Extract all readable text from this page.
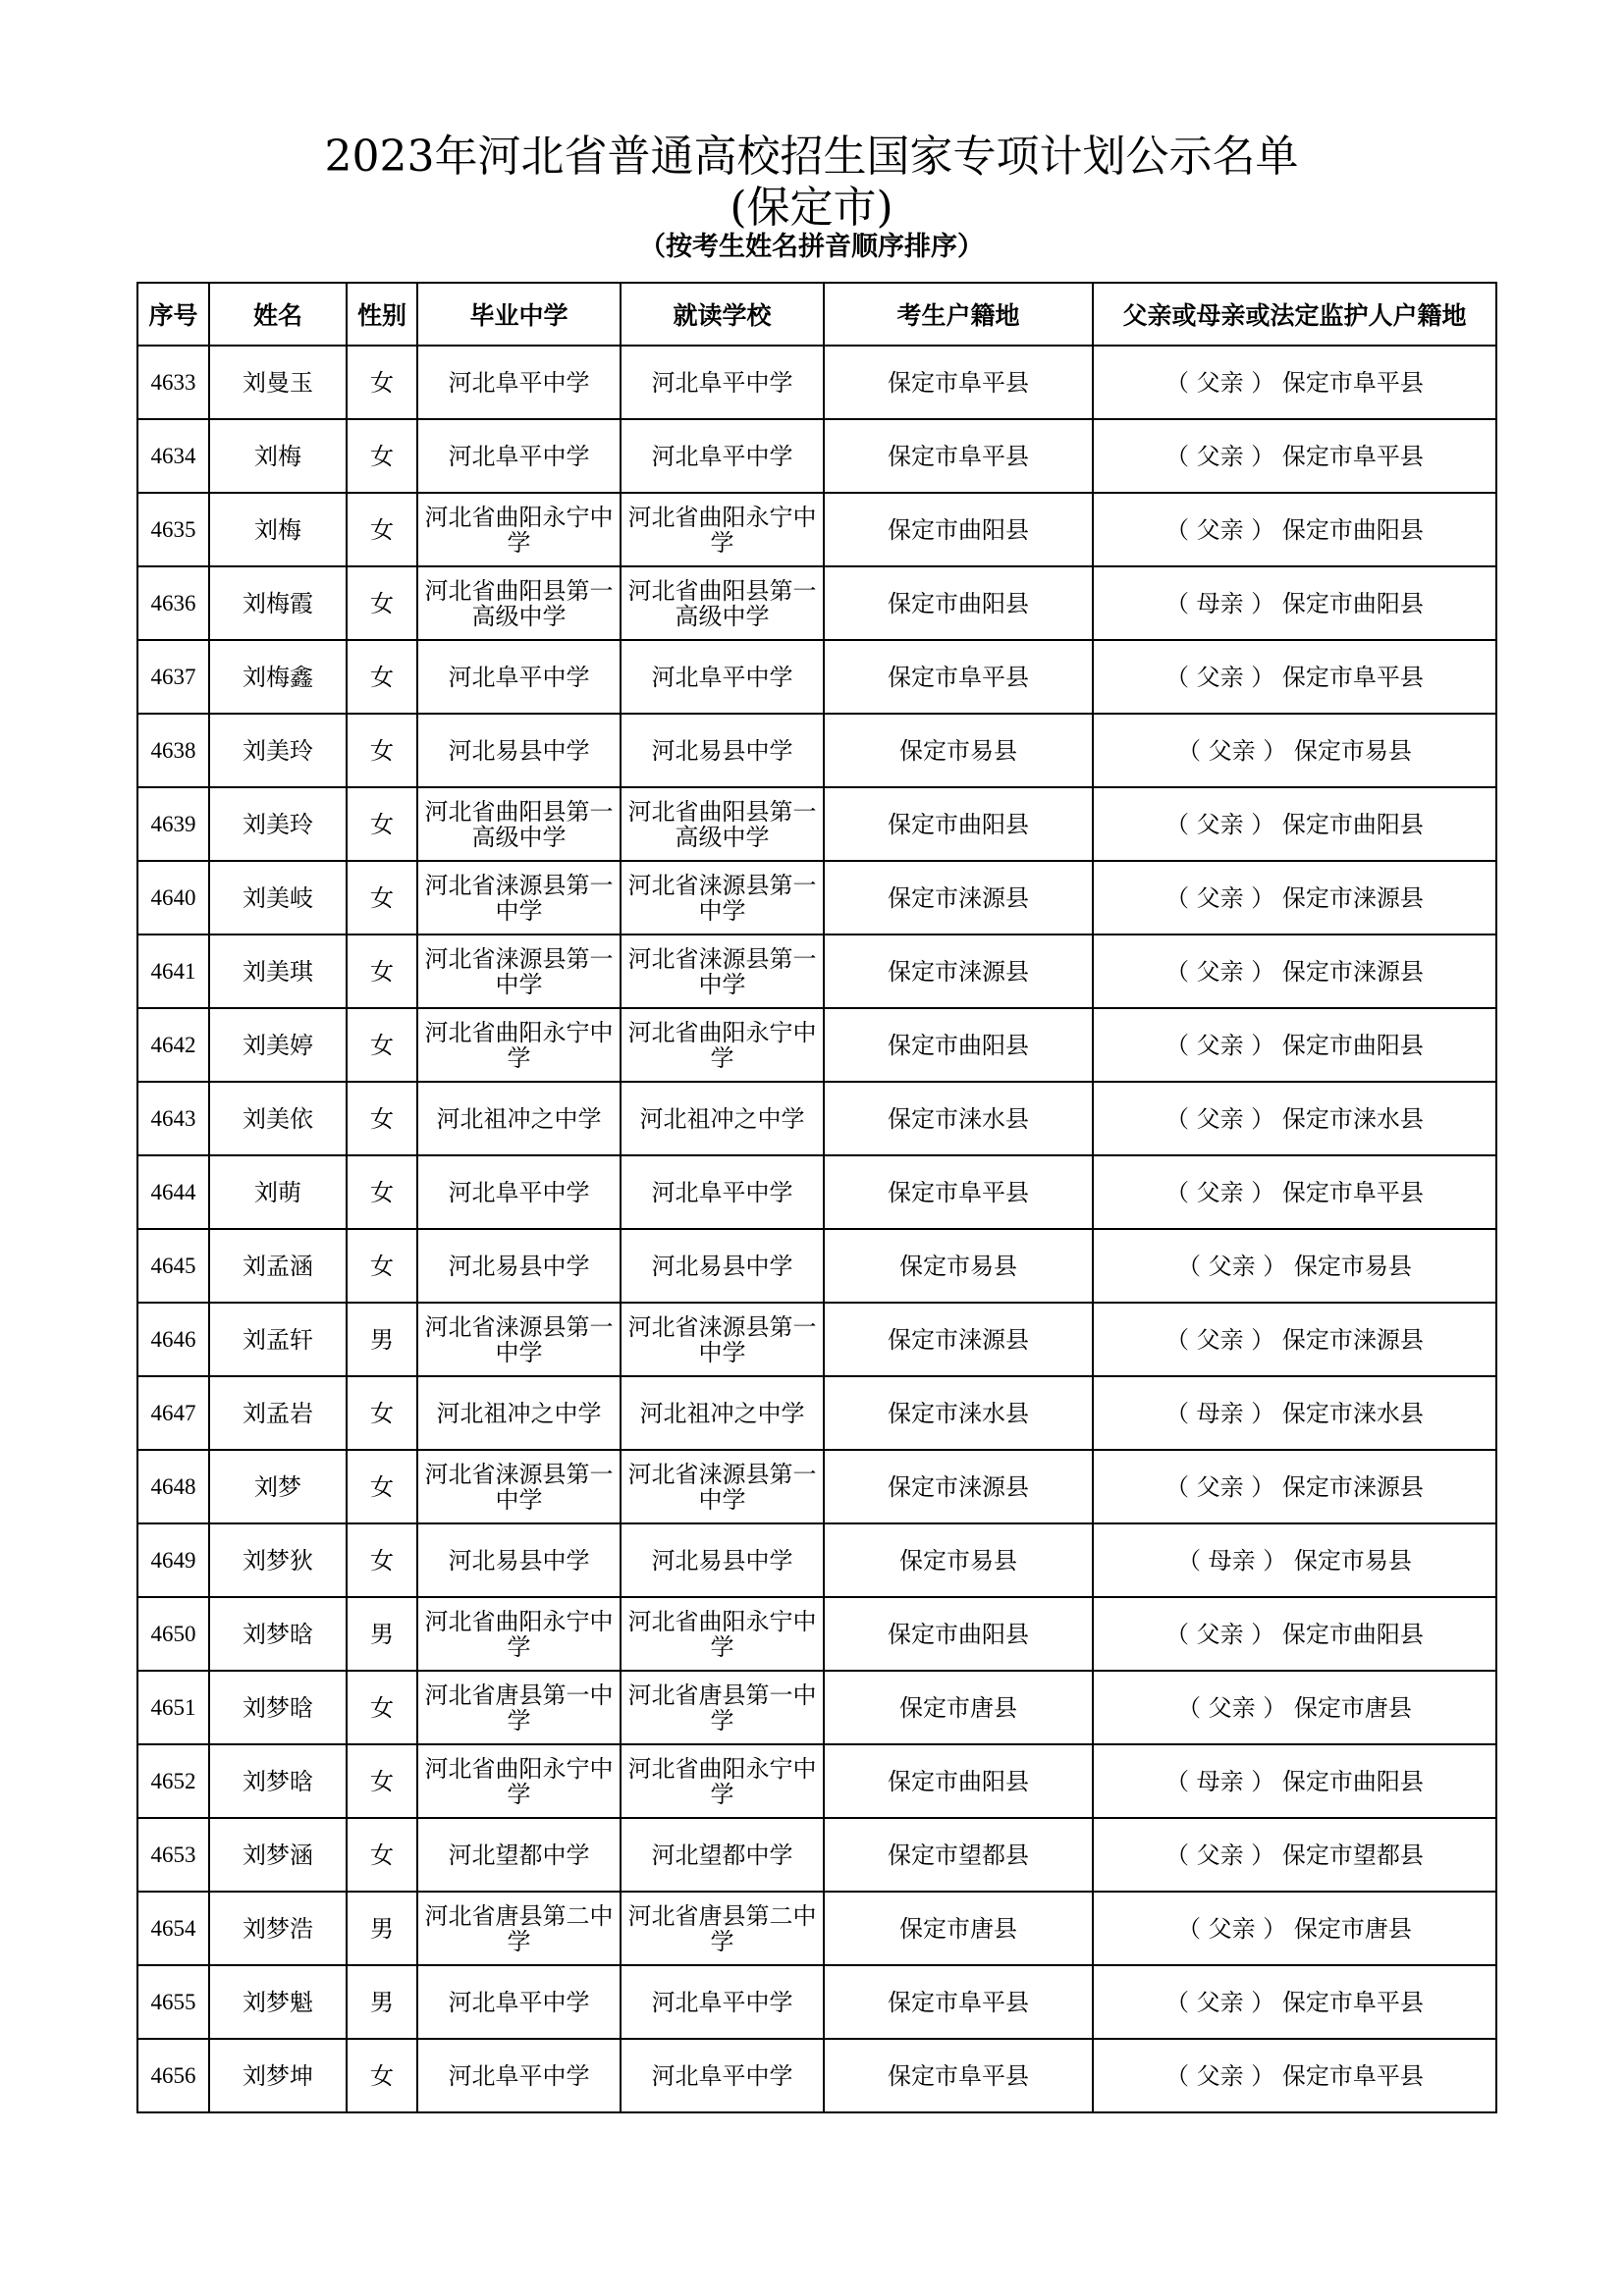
2023年河北省普通高校招生国家专项计划公示名单
(保定市)
（按考生姓名拼音顺序排序）
序号	姓名	性别	毕业中学	就读学校	考生户籍地	父亲或母亲或法定监护人户籍地
4633	刘曼玉	女	河北阜平中学	河北阜平中学	保定市阜平县	（ 父亲 ） 保定市阜平县
4634	刘梅	女	河北阜平中学	河北阜平中学	保定市阜平县	（ 父亲 ） 保定市阜平县
4635	刘梅	女	河北省曲阳永宁中学	河北省曲阳永宁中学	保定市曲阳县	（ 父亲 ） 保定市曲阳县
4636	刘梅霞	女	河北省曲阳县第一高级中学	河北省曲阳县第一高级中学	保定市曲阳县	（ 母亲 ） 保定市曲阳县
4637	刘梅鑫	女	河北阜平中学	河北阜平中学	保定市阜平县	（ 父亲 ） 保定市阜平县
4638	刘美玲	女	河北易县中学	河北易县中学	保定市易县	（ 父亲 ） 保定市易县
4639	刘美玲	女	河北省曲阳县第一高级中学	河北省曲阳县第一高级中学	保定市曲阳县	（ 父亲 ） 保定市曲阳县
4640	刘美岐	女	河北省涞源县第一中学	河北省涞源县第一中学	保定市涞源县	（ 父亲 ） 保定市涞源县
4641	刘美琪	女	河北省涞源县第一中学	河北省涞源县第一中学	保定市涞源县	（ 父亲 ） 保定市涞源县
4642	刘美婷	女	河北省曲阳永宁中学	河北省曲阳永宁中学	保定市曲阳县	（ 父亲 ） 保定市曲阳县
4643	刘美依	女	河北祖冲之中学	河北祖冲之中学	保定市涞水县	（ 父亲 ） 保定市涞水县
4644	刘萌	女	河北阜平中学	河北阜平中学	保定市阜平县	（ 父亲 ） 保定市阜平县
4645	刘孟涵	女	河北易县中学	河北易县中学	保定市易县	（ 父亲 ） 保定市易县
4646	刘孟轩	男	河北省涞源县第一中学	河北省涞源县第一中学	保定市涞源县	（ 父亲 ） 保定市涞源县
4647	刘孟岩	女	河北祖冲之中学	河北祖冲之中学	保定市涞水县	（ 母亲 ） 保定市涞水县
4648	刘梦	女	河北省涞源县第一中学	河北省涞源县第一中学	保定市涞源县	（ 父亲 ） 保定市涞源县
4649	刘梦狄	女	河北易县中学	河北易县中学	保定市易县	（ 母亲 ） 保定市易县
4650	刘梦晗	男	河北省曲阳永宁中学	河北省曲阳永宁中学	保定市曲阳县	（ 父亲 ） 保定市曲阳县
4651	刘梦晗	女	河北省唐县第一中学	河北省唐县第一中学	保定市唐县	（ 父亲 ） 保定市唐县
4652	刘梦晗	女	河北省曲阳永宁中学	河北省曲阳永宁中学	保定市曲阳县	（ 母亲 ） 保定市曲阳县
4653	刘梦涵	女	河北望都中学	河北望都中学	保定市望都县	（ 父亲 ） 保定市望都县
4654	刘梦浩	男	河北省唐县第二中学	河北省唐县第二中学	保定市唐县	（ 父亲 ） 保定市唐县
4655	刘梦魁	男	河北阜平中学	河北阜平中学	保定市阜平县	（ 父亲 ） 保定市阜平县
4656	刘梦坤	女	河北阜平中学	河北阜平中学	保定市阜平县	（ 父亲 ） 保定市阜平县
